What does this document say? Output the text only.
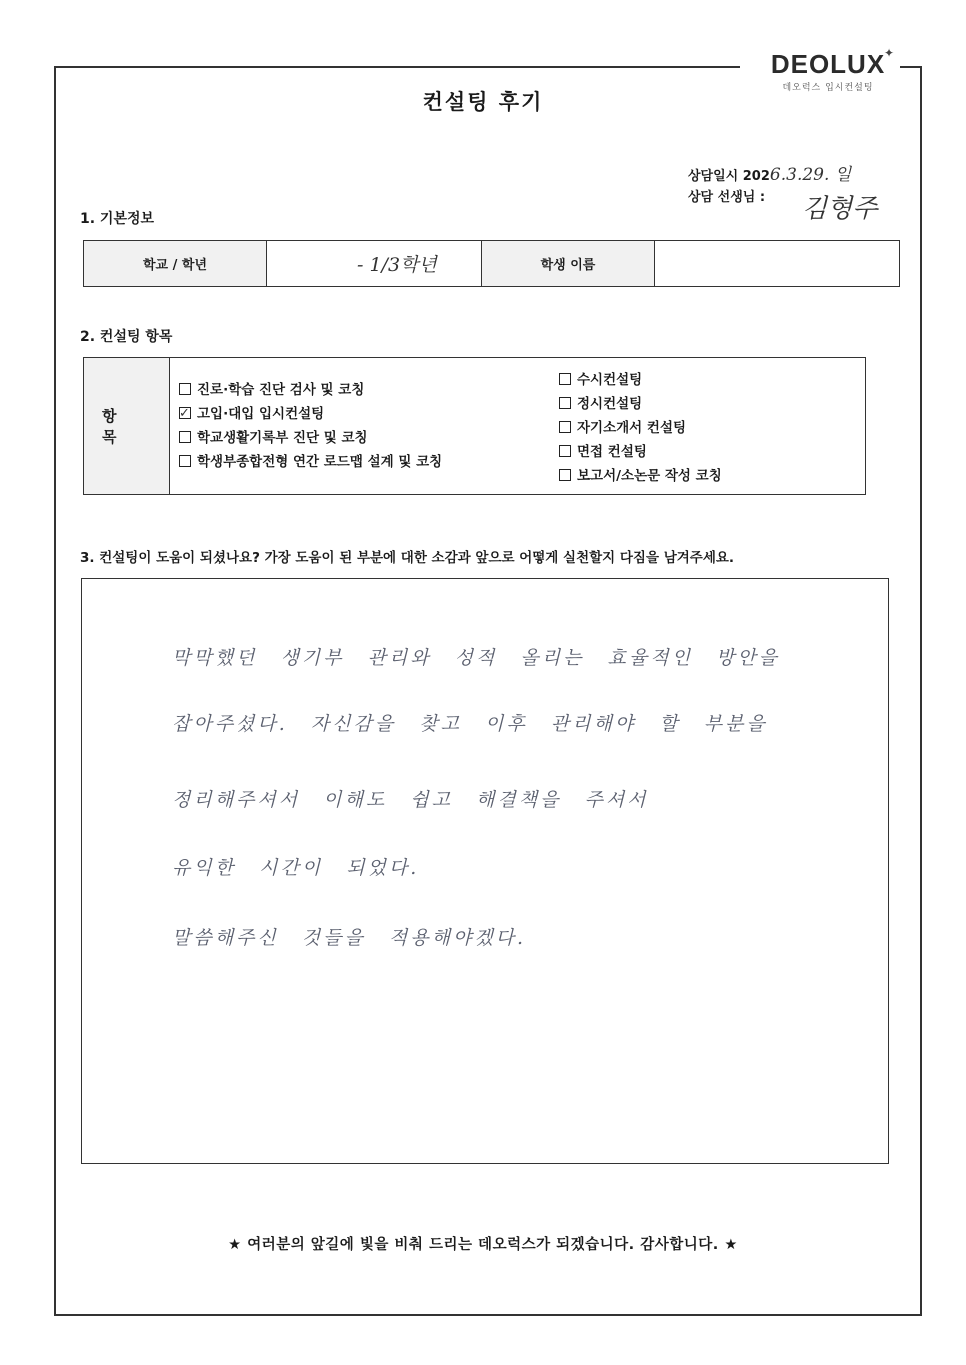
DEOLUX
✦
데오럭스 입시컨설팅
컨설팅 후기
상담일시 2026.3.29. 일
상담 선생님 : 김형주
1. 기본정보
학교 / 학년	- 1/3학년	학생 이름	
2. 컨설팅 항목
항 목
진로·학습 진단 검사 및 코칭
✓고입·대입 입시컨설팅
학교생활기록부 진단 및 코칭
학생부종합전형 연간 로드맵 설계 및 코칭
수시컨설팅
정시컨설팅
자기소개서 컨설팅
면접 컨설팅
보고서/소논문 작성 코칭
3. 컨설팅이 도움이 되셨나요? 가장 도움이 된 부분에 대한 소감과 앞으로 어떻게 실천할지 다짐을 남겨주세요.
막막했던 생기부 관리와 성적 올리는 효율적인 방안을
잡아주셨다. 자신감을 찾고 이후 관리해야 할 부분을
정리해주셔서 이해도 쉽고 해결책을 주셔서
유익한 시간이 되었다.
말씀해주신 것들을 적용해야겠다.
★ 여러분의 앞길에 빛을 비춰 드리는 데오럭스가 되겠습니다. 감사합니다. ★
